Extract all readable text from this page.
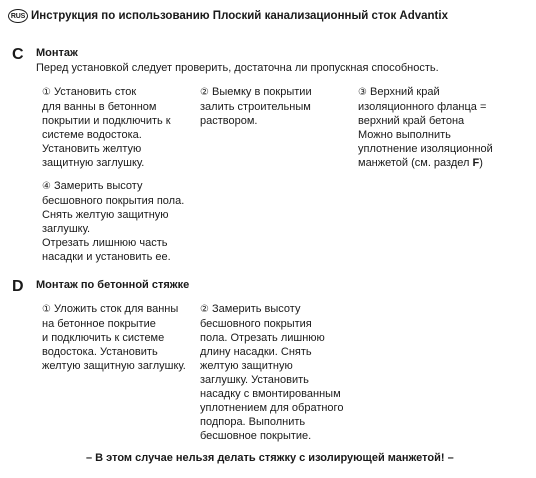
RUS Инструкция по использованию Плоский канализационный сток Advantix
C Монтаж
Перед установкой следует проверить, достаточна ли пропускная способность.
① Установить сток
для ванны в бетонном
покрытии и подключить к
системе водостока.
Установить желтую
защитную заглушку.
② Выемку в покрытии
залить строительным
раствором.
③ Верхний край
изоляционного фланца =
верхний край бетона
Можно выполнить
уплотнение изоляционной
манжетой (см. раздел F)
④ Замерить высоту
бесшовного покрытия пола.
Снять желтую защитную
заглушку.
Отрезать лишнюю часть
насадки и установить ее.
D Монтаж по бетонной стяжке
① Уложить сток для ванны
на бетонное покрытие
и подключить к системе
водостока. Установить
желтую защитную заглушку.
② Замерить высоту
бесшовного покрытия
пола. Отрезать лишнюю
длину насадки. Снять
желтую защитную
заглушку. Установить
насадку с вмонтированным
уплотнением для обратного
подпора. Выполнить
бесшовное покрытие.
– В этом случае нельзя делать стяжку с изолирующей манжетой! –
